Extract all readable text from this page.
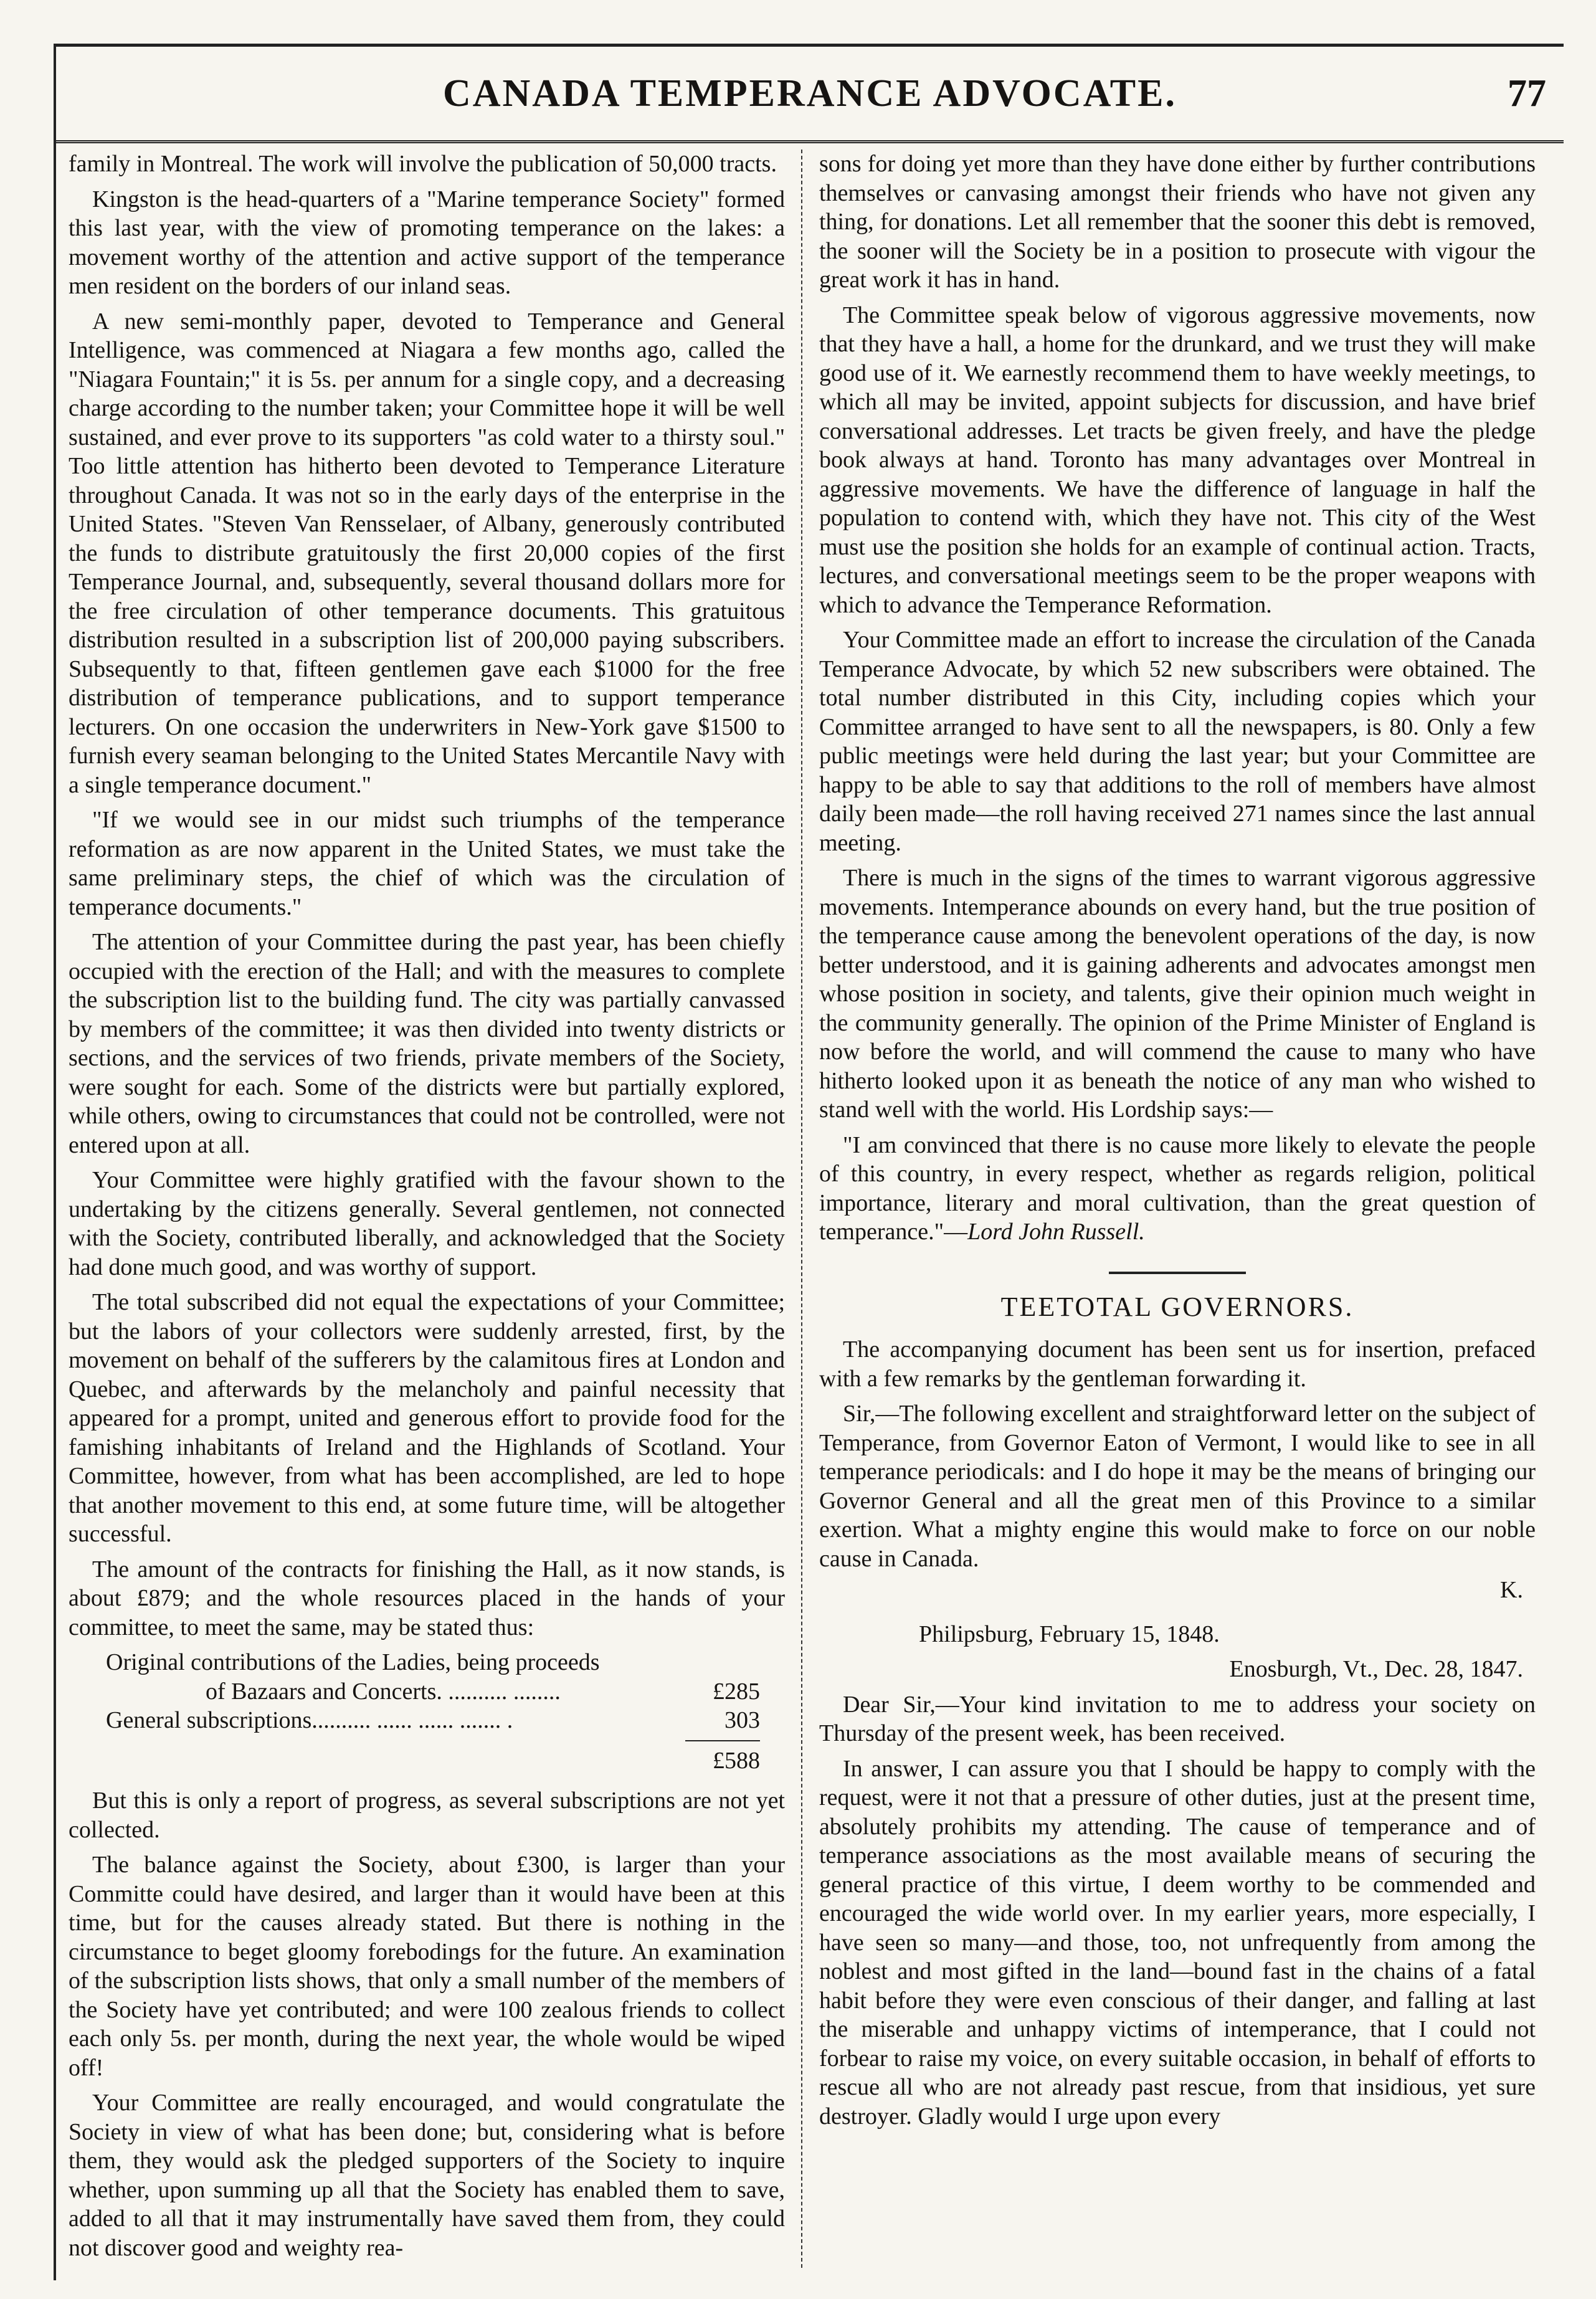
CANADA TEMPERANCE ADVOCATE.	77

family in Montreal. The work will involve the publication of 50,000 tracts.

Kingston is the head-quarters of a "Marine temperance Society" formed this last year, with the view of promoting temperance on the lakes: a movement worthy of the attention and active support of the temperance men resident on the borders of our inland seas.

A new semi-monthly paper, devoted to Temperance and General Intelligence, was commenced at Niagara a few months ago, called the "Niagara Fountain;" it is 5s. per annum for a single copy, and a decreasing charge according to the number taken; your Committee hope it will be well sustained, and ever prove to its supporters "as cold water to a thirsty soul." Too little attention has hitherto been devoted to Temperance Literature throughout Canada. It was not so in the early days of the enterprise in the United States. "Steven Van Rensselaer, of Albany, generously contributed the funds to distribute gratuitously the first 20,000 copies of the first Temperance Journal, and, subsequently, several thousand dollars more for the free circulation of other temperance documents. This gratuitous distribution resulted in a subscription list of 200,000 paying subscribers. Subsequently to that, fifteen gentlemen gave each $1000 for the free distribution of temperance publications, and to support temperance lecturers. On one occasion the underwriters in New-York gave $1500 to furnish every seaman belonging to the United States Mercantile Navy with a single temperance document."

"If we would see in our midst such triumphs of the temperance reformation as are now apparent in the United States, we must take the same preliminary steps, the chief of which was the circulation of temperance documents."

The attention of your Committee during the past year, has been chiefly occupied with the erection of the Hall; and with the measures to complete the subscription list to the building fund. The city was partially canvassed by members of the committee; it was then divided into twenty districts or sections, and the services of two friends, private members of the Society, were sought for each. Some of the districts were but partially explored, while others, owing to circumstances that could not be controlled, were not entered upon at all.

Your Committee were highly gratified with the favour shown to the undertaking by the citizens generally. Several gentlemen, not connected with the Society, contributed liberally, and acknowledged that the Society had done much good, and was worthy of support.

The total subscribed did not equal the expectations of your Committee; but the labors of your collectors were suddenly arrested, first, by the movement on behalf of the sufferers by the calamitous fires at London and Quebec, and afterwards by the melancholy and painful necessity that appeared for a prompt, united and generous effort to provide food for the famishing inhabitants of Ireland and the Highlands of Scotland. Your Committee, however, from what has been accomplished, are led to hope that another movement to this end, at some future time, will be altogether successful.

The amount of the contracts for finishing the Hall, as it now stands, is about £879; and the whole resources placed in the hands of your committee, to meet the same, may be stated thus:

Original contributions of the Ladies, being proceeds
of Bazaars and Concerts. .......... ........	£285
General subscriptions.......... ...... ...... ....... .	303
£588

But this is only a report of progress, as several subscriptions are not yet collected.

The balance against the Society, about £300, is larger than your Committe could have desired, and larger than it would have been at this time, but for the causes already stated. But there is nothing in the circumstance to beget gloomy forebodings for the future. An examination of the subscription lists shows, that only a small number of the members of the Society have yet contributed; and were 100 zealous friends to collect each only 5s. per month, during the next year, the whole would be wiped off!

Your Committee are really encouraged, and would congratulate the Society in view of what has been done; but, considering what is before them, they would ask the pledged supporters of the Society to inquire whether, upon summing up all that the Society has enabled them to save, added to all that it may instrumentally have saved them from, they could not discover good and weighty rea-

sons for doing yet more than they have done either by further contributions themselves or canvasing amongst their friends who have not given any thing, for donations. Let all remember that the sooner this debt is removed, the sooner will the Society be in a position to prosecute with vigour the great work it has in hand.

The Committee speak below of vigorous aggressive movements, now that they have a hall, a home for the drunkard, and we trust they will make good use of it. We earnestly recommend them to have weekly meetings, to which all may be invited, appoint subjects for discussion, and have brief conversational addresses. Let tracts be given freely, and have the pledge book always at hand. Toronto has many advantages over Montreal in aggressive movements. We have the difference of language in half the population to contend with, which they have not. This city of the West must use the position she holds for an example of continual action. Tracts, lectures, and conversational meetings seem to be the proper weapons with which to advance the Temperance Reformation.

Your Committee made an effort to increase the circulation of the Canada Temperance Advocate, by which 52 new subscribers were obtained. The total number distributed in this City, including copies which your Committee arranged to have sent to all the newspapers, is 80. Only a few public meetings were held during the last year; but your Committee are happy to be able to say that additions to the roll of members have almost daily been made—the roll having received 271 names since the last annual meeting.

There is much in the signs of the times to warrant vigorous aggressive movements. Intemperance abounds on every hand, but the true position of the temperance cause among the benevolent operations of the day, is now better understood, and it is gaining adherents and advocates amongst men whose position in society, and talents, give their opinion much weight in the community generally. The opinion of the Prime Minister of England is now before the world, and will commend the cause to many who have hitherto looked upon it as beneath the notice of any man who wished to stand well with the world. His Lordship says:—

"I am convinced that there is no cause more likely to elevate the people of this country, in every respect, whether as regards religion, political importance, literary and moral cultivation, than the great question of temperance."—Lord John Russell.

TEETOTAL GOVERNORS.

The accompanying document has been sent us for insertion, prefaced with a few remarks by the gentleman forwarding it.

Sir,—The following excellent and straightforward letter on the subject of Temperance, from Governor Eaton of Vermont, I would like to see in all temperance periodicals: and I do hope it may be the means of bringing our Governor General and all the great men of this Province to a similar exertion. What a mighty engine this would make to force on our noble cause in Canada.

K.

Philipsburg, February 15, 1848.

Enosburgh, Vt., Dec. 28, 1847.

Dear Sir,—Your kind invitation to me to address your society on Thursday of the present week, has been received.

In answer, I can assure you that I should be happy to comply with the request, were it not that a pressure of other duties, just at the present time, absolutely prohibits my attending. The cause of temperance and of temperance associations as the most available means of securing the general practice of this virtue, I deem worthy to be commended and encouraged the wide world over. In my earlier years, more especially, I have seen so many—and those, too, not unfrequently from among the noblest and most gifted in the land—bound fast in the chains of a fatal habit before they were even conscious of their danger, and falling at last the miserable and unhappy victims of intemperance, that I could not forbear to raise my voice, on every suitable occasion, in behalf of efforts to rescue all who are not already past rescue, from that insidious, yet sure destroyer. Gladly would I urge upon every
